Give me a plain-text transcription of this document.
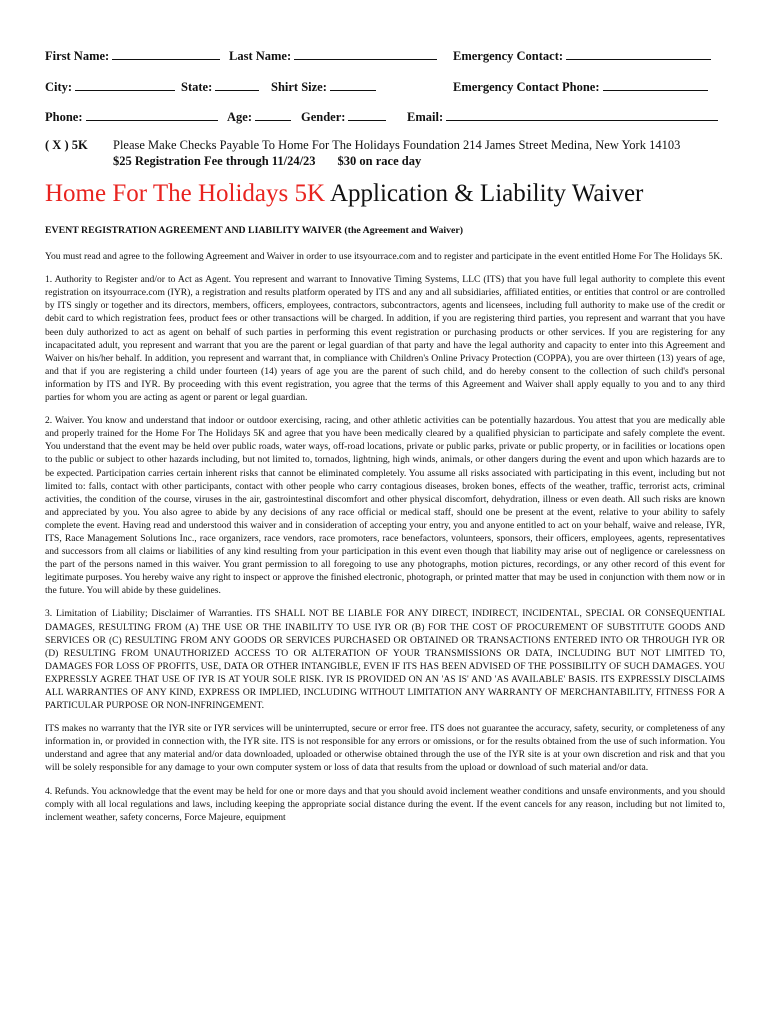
First Name:	Last Name:	Emergency Contact:
City:	State:	Shirt Size:	Emergency Contact Phone:
Phone:	Age:	Gender:	Email:
( X ) 5K Please Make Checks Payable To Home For The Holidays Foundation 214 James Street Medina, New York 14103
$25 Registration Fee through 11/24/23 $30 on race day
Home For The Holidays 5K Application & Liability Waiver
EVENT REGISTRATION AGREEMENT AND LIABILITY WAIVER (the Agreement and Waiver)

You must read and agree to the following Agreement and Waiver in order to use itsyourrace.com and to register and participate in the event entitled Home For The Holidays 5K.

1. Authority to Register and/or to Act as Agent. You represent and warrant to Innovative Timing Systems, LLC (ITS) that you have full legal authority to complete this event registration on itsyourrace.com (IYR), a registration and results platform operated by ITS and any and all subsidiaries, affiliated entities, or entities that control or are controlled by ITS singly or together and its directors, members, officers, employees, contractors, subcontractors, agents and licensees, including full authority to make use of the credit or debit card to which registration fees, product fees or other transactions will be charged. In addition, if you are registering third parties, you represent and warrant that you have been duly authorized to act as agent on behalf of such parties in performing this event registration or purchasing products or other services. If you are registering for any incapacitated adult, you represent and warrant that you are the parent or legal guardian of that party and have the legal authority and capacity to enter into this Agreement and Waiver on his/her behalf. In addition, you represent and warrant that, in compliance with Children's Online Privacy Protection (COPPA), you are over thirteen (13) years of age, and that if you are registering a child under fourteen (14) years of age you are the parent of such child, and do hereby consent to the collection of such child's personal information by ITS and IYR. By proceeding with this event registration, you agree that the terms of this Agreement and Waiver shall apply equally to you and to any third parties for whom you are acting as agent or parent or legal guardian.

2. Waiver. You know and understand that indoor or outdoor exercising, racing, and other athletic activities can be potentially hazardous. You attest that you are medically able and properly trained for the Home For The Holidays 5K and agree that you have been medically cleared by a qualified physician to participate and safely complete the event. You understand that the event may be held over public roads, water ways, off-road locations, private or public parks, private or public property, or in facilities or locations open to the public or subject to other hazards including, but not limited to, tornados, lightning, high winds, animals, or other dangers during the event and upon which hazards are to be expected. Participation carries certain inherent risks that cannot be eliminated completely. You assume all risks associated with participating in this event, including but not limited to: falls, contact with other participants, contact with other people who carry contagious diseases, broken bones, effects of the weather, traffic, terrorist acts, criminal activities, the condition of the course, viruses in the air, gastrointestinal discomfort and other physical discomfort, dehydration, illness or even death. All such risks are known and appreciated by you. You also agree to abide by any decisions of any race official or medical staff, should one be present at the event, relative to your ability to safely complete the event. Having read and understood this waiver and in consideration of accepting your entry, you and anyone entitled to act on your behalf, waive and release, IYR, ITS, Race Management Solutions Inc., race organizers, race vendors, race promoters, race benefactors, volunteers, sponsors, their officers, employees, agents, representatives and successors from all claims or liabilities of any kind resulting from your participation in this event even though that liability may arise out of negligence or carelessness on the part of the persons named in this waiver. You grant permission to all foregoing to use any photographs, motion pictures, recordings, or any other record of this event for legitimate purposes. You hereby waive any right to inspect or approve the finished electronic, photograph, or printed matter that may be used in conjunction with them now or in the future. You will abide by these guidelines.

3. Limitation of Liability; Disclaimer of Warranties. ITS SHALL NOT BE LIABLE FOR ANY DIRECT, INDIRECT, INCIDENTAL, SPECIAL OR CONSEQUENTIAL DAMAGES, RESULTING FROM (A) THE USE OR THE INABILITY TO USE IYR OR (B) FOR THE COST OF PROCUREMENT OF SUBSTITUTE GOODS AND SERVICES OR (C) RESULTING FROM ANY GOODS OR SERVICES PURCHASED OR OBTAINED OR TRANSACTIONS ENTERED INTO OR THROUGH IYR OR (D) RESULTING FROM UNAUTHORIZED ACCESS TO OR ALTERATION OF YOUR TRANSMISSIONS OR DATA, INCLUDING BUT NOT LIMITED TO, DAMAGES FOR LOSS OF PROFITS, USE, DATA OR OTHER INTANGIBLE, EVEN IF ITS HAS BEEN ADVISED OF THE POSSIBILITY OF SUCH DAMAGES. YOU EXPRESSLY AGREE THAT USE OF IYR IS AT YOUR SOLE RISK. IYR IS PROVIDED ON AN 'AS IS' AND 'AS AVAILABLE' BASIS. ITS EXPRESSLY DISCLAIMS ALL WARRANTIES OF ANY KIND, EXPRESS OR IMPLIED, INCLUDING WITHOUT LIMITATION ANY WARRANTY OF MERCHANTABILITY, FITNESS FOR A PARTICULAR PURPOSE OR NON-INFRINGEMENT.

ITS makes no warranty that the IYR site or IYR services will be uninterrupted, secure or error free. ITS does not guarantee the accuracy, safety, security, or completeness of any information in, or provided in connection with, the IYR site. ITS is not responsible for any errors or omissions, or for the results obtained from the use of such information. You understand and agree that any material and/or data downloaded, uploaded or otherwise obtained through the use of the IYR site is at your own discretion and risk and that you will be solely responsible for any damage to your own computer system or loss of data that results from the upload or download of such material and/or data.

4. Refunds. You acknowledge that the event may be held for one or more days and that you should avoid inclement weather conditions and unsafe environments, and you should comply with all local regulations and laws, including keeping the appropriate social distance during the event. If the event cancels for any reason, including but not limited to, inclement weather, safety concerns, Force Majeure, equipment
